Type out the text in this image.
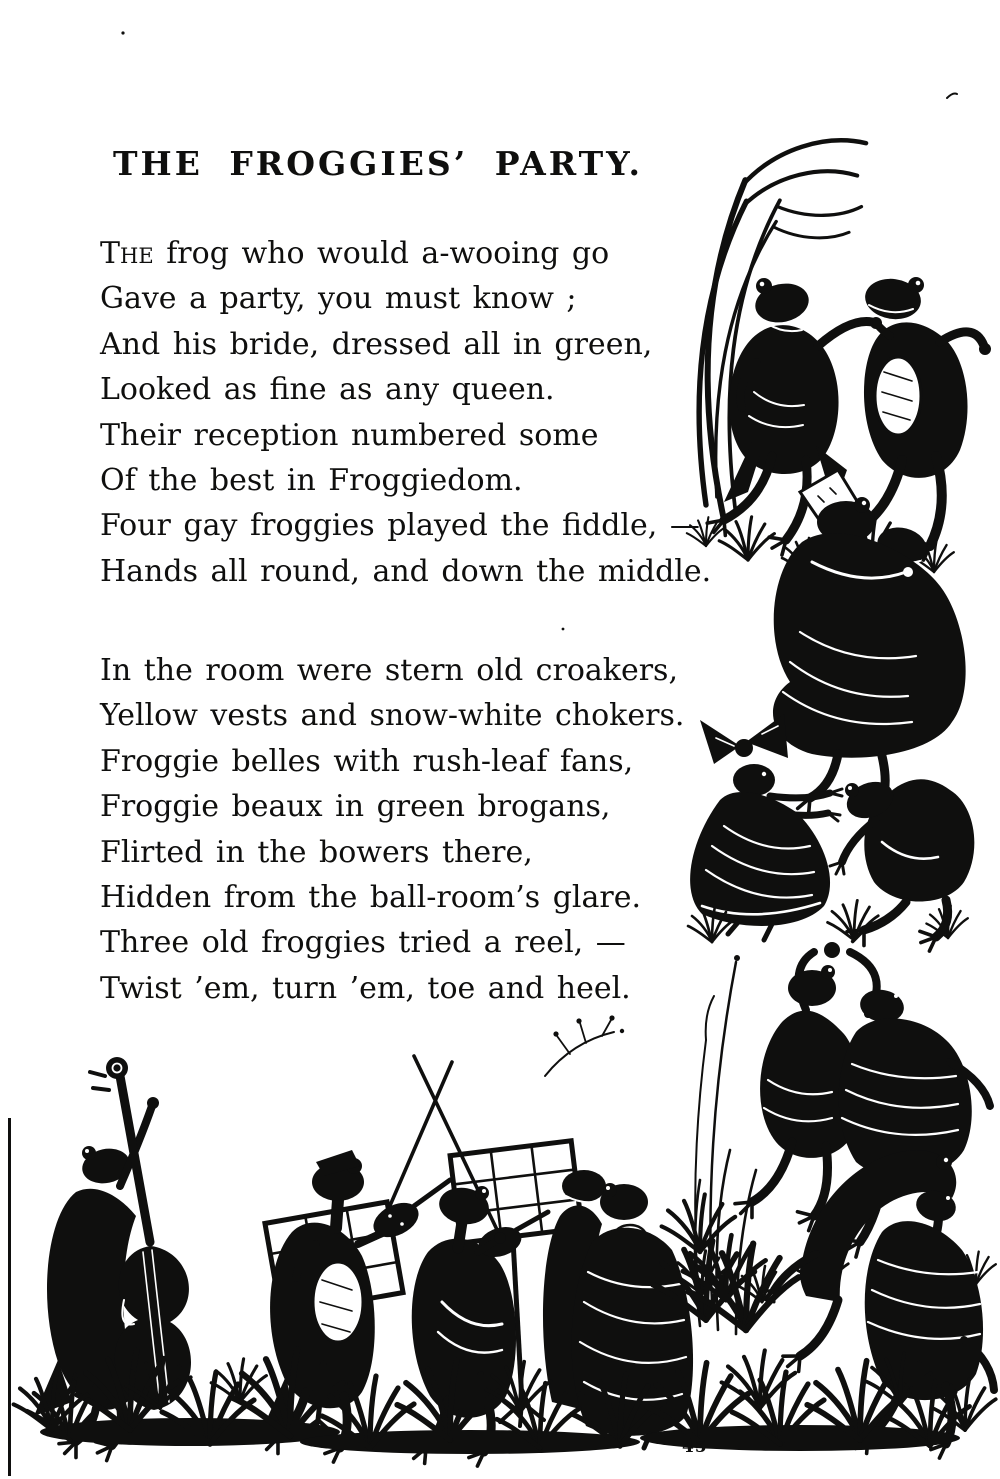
THE FROGGIES’ PARTY.
The frog who would a-wooing go
Gave a party, you must know ;
And his bride, dressed all in green,
Looked as fine as any queen.
Their reception numbered some
Of the best in Froggiedom.
Four gay froggies played the fiddle, —
Hands all round, and down the middle.
In the room were stern old croakers,
Yellow vests and snow-white chokers.
Froggie belles with rush-leaf fans,
Froggie beaux in green brogans,
Flirted in the bowers there,
Hidden from the ball-room’s glare.
Three old froggies tried a reel, —
Twist ’em, turn ’em, toe and heel.
45
